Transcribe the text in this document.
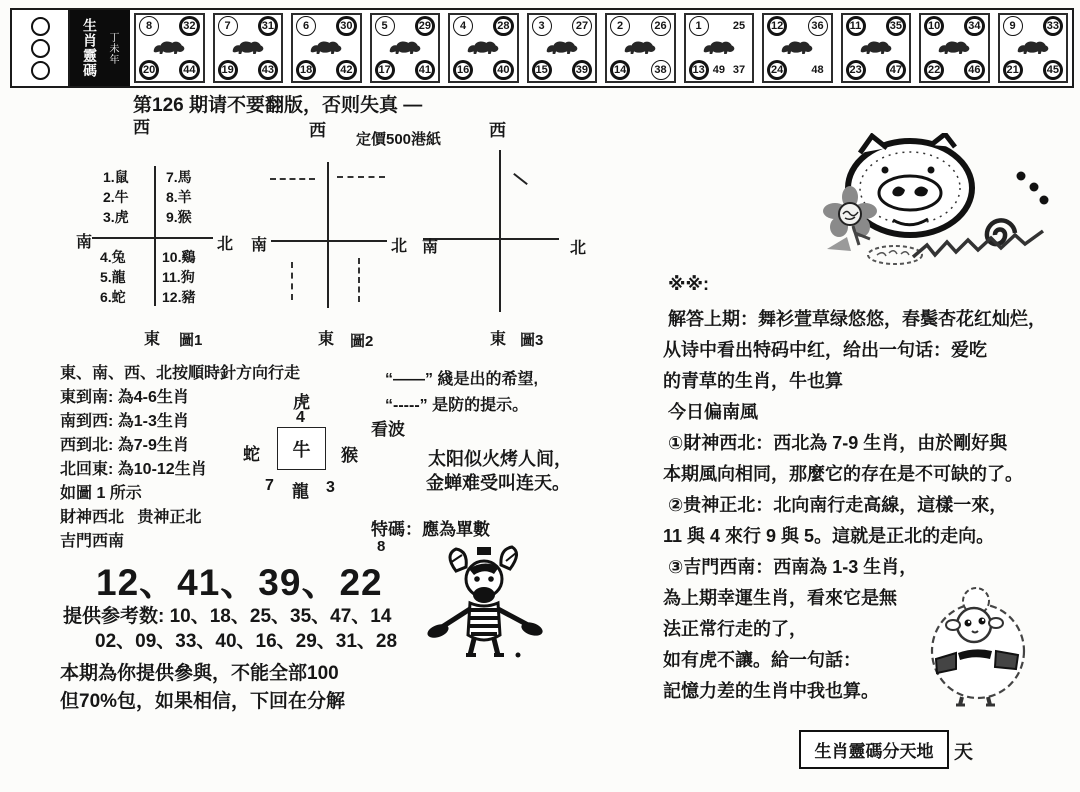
生肖靈碼 丁未年
8	32
20	44
7	31
19	43
6	30
18	42
5	29
17	41
4	28
16	40
3	27
15	39
2	26
14	38
1	25
13 49 37
12	36
24	48
11	35
23	47
10	34
22	46
9	33
21	45
第126 期请不要翻版，否则失真 —
定價500港紙
西
1.鼠
2.牛
3.虎
7.馬
8.羊
9.猴
4.兔
5.龍
6.蛇
10.鷄
11.狗
12.豬
南	北
東 圖1
西
南	北
東 圖2
西
南	北
東 圖3
東、南、西、北按順時針方向行走
東到南: 為4-6生肖
南到西: 為1-3生肖
西到北: 為7-9生肖
北回東: 為10-12生肖
如圖 1 所示
財神西北   贵神正北
吉門西南
虎
4
蛇 牛 猴
7 龍 3
8
“——” 綫是出的希望,
“-----” 是防的提示。
看波
太阳似火烤人间，
金蝉难受叫连天。
特碼：應為單數
12、41、39、22
提供参考数: 10、18、25、35、47、14
02、09、33、40、16、29、31、28
本期為你提供參與，不能全部100
但70%包，如果相信，下回在分解
※※:
解答上期：舞衫萱草绿悠悠，春鬓杏花红灿烂，
从诗中看出特码中红，给出一句话：爱吃
的青草的生肖，牛也算
今日偏南風
①財神西北：西北為 7-9 生肖，由於剛好與
本期風向相同，那麼它的存在是不可缺的了。
②贵神正北：北向南行走高線，這樣一來，
11 與 4 來行 9 與 5。這就是正北的走向。
③吉門西南：西南為 1-3 生肖，
為上期幸運生肖，看來它是無
法正常行走的了，
如有虎不讓。給一句話：
記憶力差的生肖中我也算。
生肖靈碼分天地 天
